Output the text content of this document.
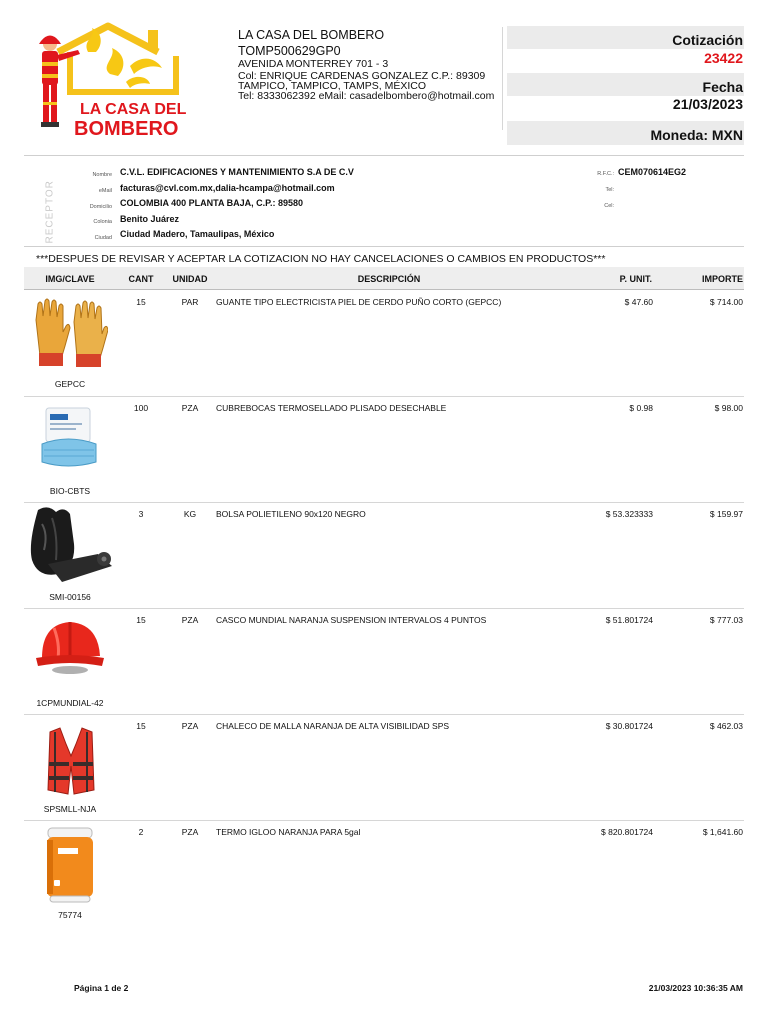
LA CASA DEL
BOMBERO
LA CASA DEL BOMBERO
TOMP500629GP0
AVENIDA MONTERREY 701 - 3
Col: ENRIQUE CARDENAS GONZALEZ C.P.: 89309
TAMPICO, TAMPICO, TAMPS, MÉXICO
Tel: 8333062392 eMail: casadelbombero@hotmail.com
Cotización
23422
Fecha
21/03/2023
Moneda: MXN
RECEPTOR
Nombre C.V.L. EDIFICACIONES Y MANTENIMIENTO S.A DE C.V
eMail facturas@cvl.com.mx,dalia-hcampa@hotmail.com
Domicilio COLOMBIA 400 PLANTA BAJA, C.P.: 89580
Colonia Benito Juárez
Ciudad Ciudad Madero, Tamaulipas, México
R.F.C.: CEM070614EG2
Tel:
Cel:
***DESPUES DE REVISAR Y ACEPTAR LA COTIZACION NO HAY CANCELACIONES O CAMBIOS EN PRODUCTOS***
IMG/CLAVE	CANT	UNIDAD	DESCRIPCIÓN	P. UNIT.	IMPORTE
GEPCC
15	PAR	GUANTE TIPO ELECTRICISTA PIEL DE CERDO PUÑO CORTO (GEPCC)	$ 47.60	$ 714.00
BIO-CBTS
100	PZA	CUBREBOCAS TERMOSELLADO PLISADO DESECHABLE	$ 0.98	$ 98.00
SMI-00156
3	KG	BOLSA POLIETILENO 90x120 NEGRO	$ 53.323333	$ 159.97
1CPMUNDIAL-42
15	PZA	CASCO MUNDIAL NARANJA SUSPENSION INTERVALOS 4 PUNTOS	$ 51.801724	$ 777.03
SPSMLL-NJA
15	PZA	CHALECO DE MALLA NARANJA DE ALTA VISIBILIDAD SPS	$ 30.801724	$ 462.03
75774
2	PZA	TERMO IGLOO NARANJA PARA 5gal	$ 820.801724	$ 1,641.60
Página 1 de 2	21/03/2023 10:36:35 AM
